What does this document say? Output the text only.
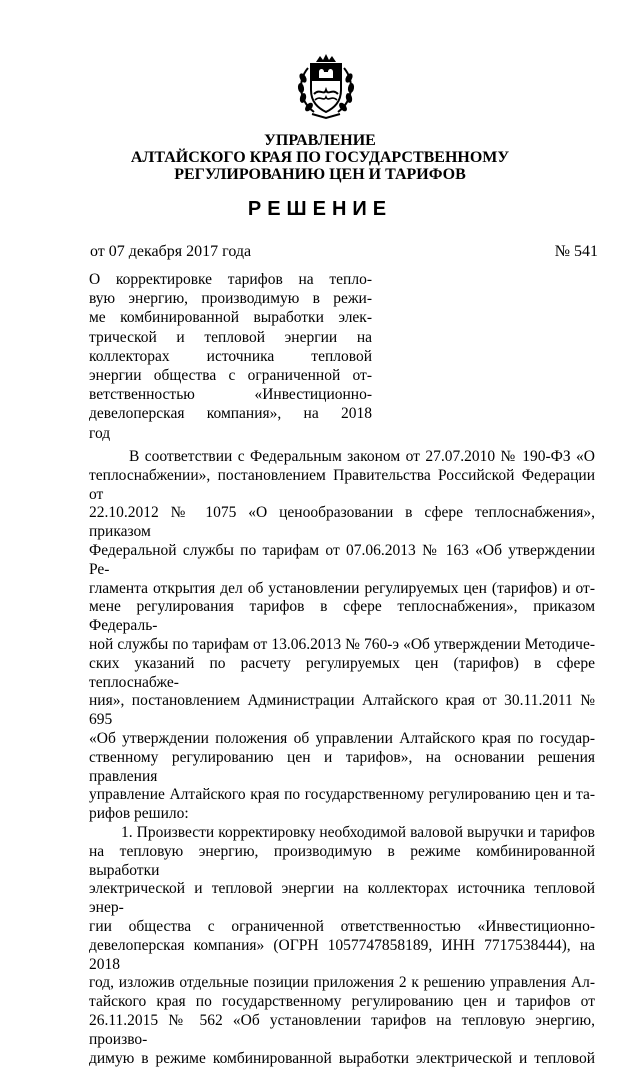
УПРАВЛЕНИЕ
АЛТАЙСКОГО КРАЯ ПО ГОСУДАРСТВЕННОМУ
РЕГУЛИРОВАНИЮ ЦЕН И ТАРИФОВ
РЕШЕНИЕ
от 07 декабря 2017 года	№ 541
О корректировке тарифов на тепло-
вую энергию, производимую в режи-
ме комбинированной выработки элек-
трической и тепловой энергии на
коллекторах источника тепловой
энергии общества с ограниченной от-
ветственностью «Инвестиционно-
девелоперская компания», на 2018
год
В соответствии с Федеральным законом от 27.07.2010 № 190-ФЗ «О
теплоснабжении», постановлением Правительства Российской Федерации от
22.10.2012 № 1075 «О ценообразовании в сфере теплоснабжения», приказом
Федеральной службы по тарифам от 07.06.2013 № 163 «Об утверждении Ре-
гламента открытия дел об установлении регулируемых цен (тарифов) и от-
мене регулирования тарифов в сфере теплоснабжения», приказом Федераль-
ной службы по тарифам от 13.06.2013 № 760-э «Об утверждении Методиче-
ских указаний по расчету регулируемых цен (тарифов) в сфере теплоснабже-
ния», постановлением Администрации Алтайского края от 30.11.2011 № 695
«Об утверждении положения об управлении Алтайского края по государ-
ственному регулированию цен и тарифов», на основании решения правления
управление Алтайского края по государственному регулированию цен и та-
рифов решило:
1. Произвести корректировку необходимой валовой выручки и тарифов
на тепловую энергию, производимую в режиме комбинированной выработки
электрической и тепловой энергии на коллекторах источника тепловой энер-
гии общества с ограниченной ответственностью «Инвестиционно-
девелоперская компания» (ОГРН 1057747858189, ИНН 7717538444), на 2018
год, изложив отдельные позиции приложения 2 к решению управления Ал-
тайского края по государственному регулированию цен и тарифов от
26.11.2015 № 562 «Об установлении тарифов на тепловую энергию, произво-
димую в режиме комбинированной выработки электрической и тепловой
